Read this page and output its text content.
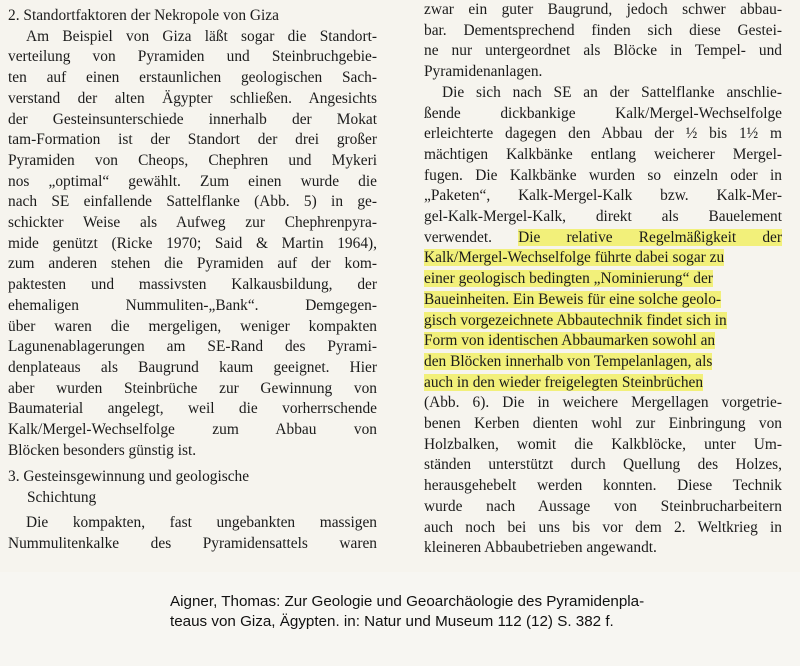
2. Standortfaktoren der Nekropole von Giza
Am Beispiel von Giza läßt sogar die Standort-
verteilung von Pyramiden und Steinbruchgebie-
ten auf einen erstaunlichen geologischen Sach-
verstand der alten Ägypter schließen. Angesichts
der Gesteinsunterschiede innerhalb der Mokat
tam-Formation ist der Standort der drei großer
Pyramiden von Cheops, Chephren und Mykeri
nos „optimal“ gewählt. Zum einen wurde die
nach SE einfallende Sattelflanke (Abb. 5) in ge-
schickter Weise als Aufweg zur Chephrenpyra-
mide genützt (Ricke 1970; Said & Martin 1964),
zum anderen stehen die Pyramiden auf der kom-
paktesten und massivsten Kalkausbildung, der
ehemaligen Nummuliten-„Bank“. Demgegen-
über waren die mergeligen, weniger kompakten
Lagunenablagerungen am SE-Rand des Pyrami-
denplateaus als Baugrund kaum geeignet. Hier
aber wurden Steinbrüche zur Gewinnung von
Baumaterial angelegt, weil die vorherrschende
Kalk/Mergel-Wechselfolge zum Abbau von
Blöcken besonders günstig ist.
3. Gesteinsgewinnung und geologische
Schichtung
Die kompakten, fast ungebankten massigen
Nummulitenkalke des Pyramidensattels waren
zwar ein guter Baugrund, jedoch schwer abbau-
bar. Dementsprechend finden sich diese Gestei-
ne nur untergeordnet als Blöcke in Tempel- und
Pyramidenanlagen.
Die sich nach SE an der Sattelflanke anschlie-
ßende dickbankige Kalk/Mergel-Wechselfolge
erleichterte dagegen den Abbau der ½ bis 1½ m
mächtigen Kalkbänke entlang weicherer Mergel-
fugen. Die Kalkbänke wurden so einzeln oder in
„Paketen“, Kalk-Mergel-Kalk bzw. Kalk-Mer-
gel-Kalk-Mergel-Kalk, direkt als Bauelement
verwendet. Die relative Regelmäßigkeit der
Kalk/Mergel-Wechselfolge führte dabei sogar zu
einer geologisch bedingten „Nominierung“ der
Baueinheiten. Ein Beweis für eine solche geolo-
gisch vorgezeichnete Abbautechnik findet sich in
Form von identischen Abbaumarken sowohl an
den Blöcken innerhalb von Tempelanlagen, als
auch in den wieder freigelegten Steinbrüchen
(Abb. 6). Die in weichere Mergellagen vorgetrie-
benen Kerben dienten wohl zur Einbringung von
Holzbalken, womit die Kalkblöcke, unter Um-
ständen unterstützt durch Quellung des Holzes,
herausgehebelt werden konnten. Diese Technik
wurde nach Aussage von Steinbrucharbeitern
auch noch bei uns bis vor dem 2. Weltkrieg in
kleineren Abbaubetrieben angewandt.
Aigner, Thomas: Zur Geologie und Geoarchäologie des Pyramidenpla-
teaus von Giza, Ägypten. in: Natur und Museum 112 (12) S. 382 f.
